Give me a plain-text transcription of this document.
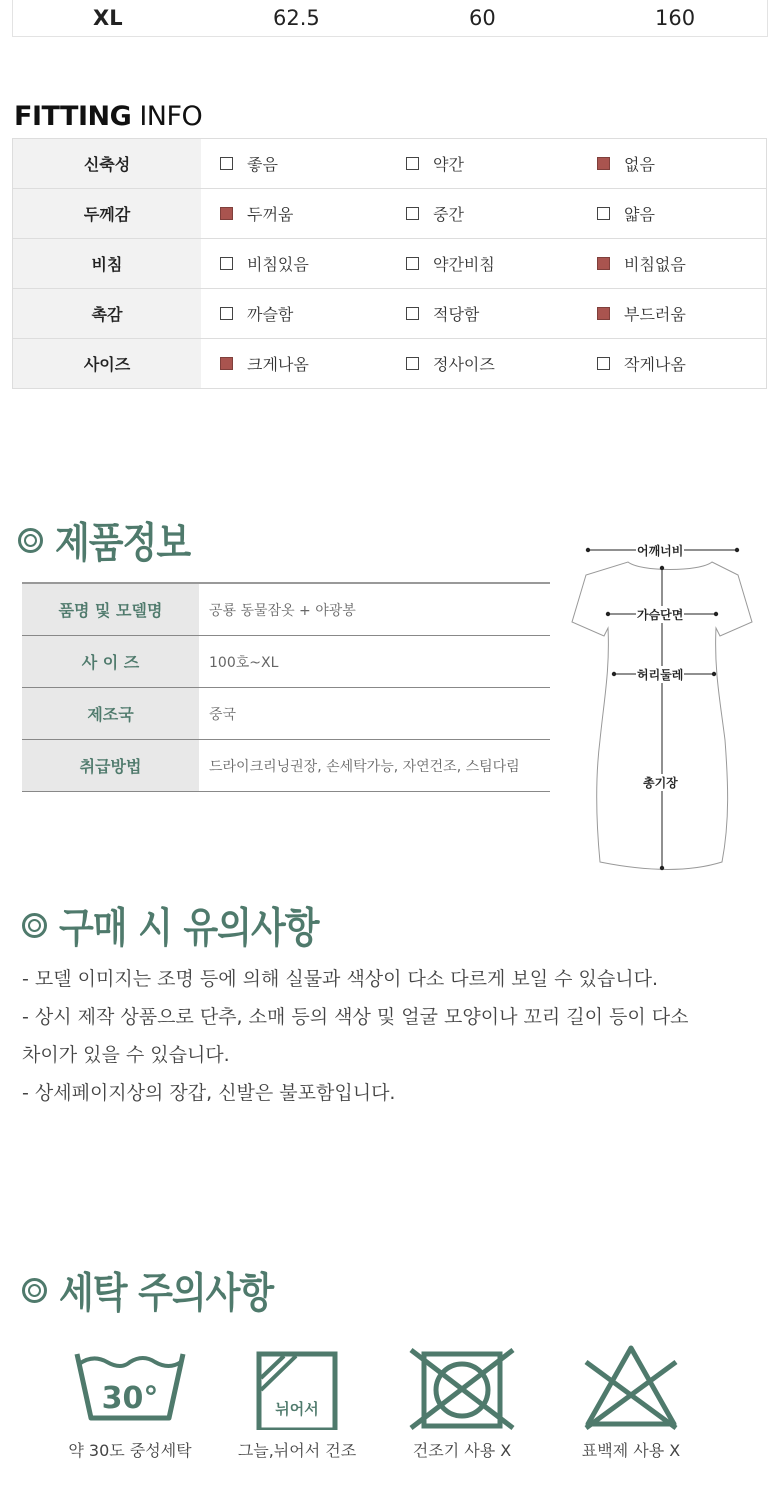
XL	62.5	60	160
FITTING INFO
신축성	좋음	약간	없음
두께감	두꺼움	중간	얇음
비침	비침있음	약간비침	비침없음
촉감	까슬함	적당함	부드러움
사이즈	크게나옴	정사이즈	작게나옴
제품정보
품명 및 모델명	공룡 동물잠옷 + 야광봉
사 이 즈	100호~XL
제조국	중국
취급방법	드라이크리닝권장, 손세탁가능, 자연건조, 스팀다림
어깨너비
가슴단면
허리둘레
총기장
구매 시 유의사항

- 모델 이미지는 조명 등에 의해 실물과 색상이 다소 다르게 보일 수 있습니다.

- 상시 제작 상품으로 단추, 소매 등의 색상 및 얼굴 모양이나 꼬리 길이 등이 다소

차이가 있을 수 있습니다.

- 상세페이지상의 장갑, 신발은 불포함입니다.

세탁 주의사항
30°
약 30도 중성세탁
뉘어서
그늘,뉘어서 건조	건조기 사용 X	표백제 사용 X
